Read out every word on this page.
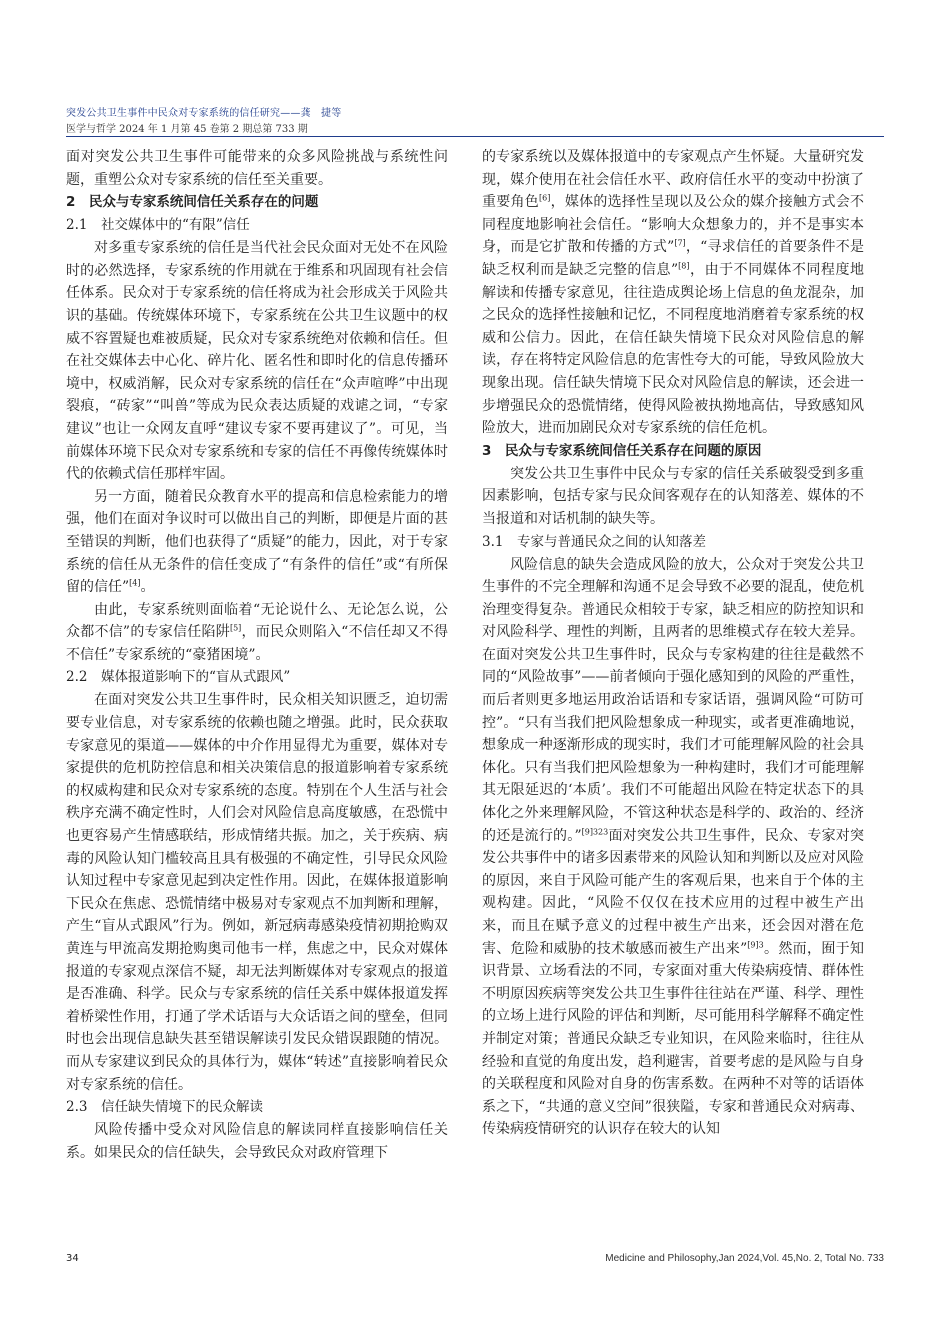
突发公共卫生事件中民众对专家系统的信任研究——龚　捷等
医学与哲学 2024 年 1 月第 45 卷第 2 期总第 733 期

面对突发公共卫生事件可能带来的众多风险挑战与系统性问题，重塑公众对专家系统的信任至关重要。

2　民众与专家系统间信任关系存在的问题
2.1　社交媒体中的“有限”信任

对多重专家系统的信任是当代社会民众面对无处不在风险时的必然选择，专家系统的作用就在于维系和巩固现有社会信任体系。民众对于专家系统的信任将成为社会形成关于风险共识的基础。传统媒体环境下，专家系统在公共卫生议题中的权威不容置疑也难被质疑，民众对专家系统绝对依赖和信任。但在社交媒体去中心化、碎片化、匿名性和即时化的信息传播环境中，权威消解，民众对专家系统的信任在“众声喧哗”中出现裂痕，“砖家”“叫兽”等成为民众表达质疑的戏谑之词，“专家建议”也让一众网友直呼“建议专家不要再建议了”。可见，当前媒体环境下民众对专家系统和专家的信任不再像传统媒体时代的依赖式信任那样牢固。

另一方面，随着民众教育水平的提高和信息检索能力的增强，他们在面对争议时可以做出自己的判断，即便是片面的甚至错误的判断，他们也获得了“质疑”的能力，因此，对于专家系统的信任从无条件的信任变成了“有条件的信任”或“有所保留的信任”[4]。

由此，专家系统则面临着“无论说什么、无论怎么说，公众都不信”的专家信任陷阱[5]，而民众则陷入“不信任却又不得不信任”专家系统的“豪猪困境”。

2.2　媒体报道影响下的“盲从式跟风”

在面对突发公共卫生事件时，民众相关知识匮乏，迫切需要专业信息，对专家系统的依赖也随之增强。此时，民众获取专家意见的渠道——媒体的中介作用显得尤为重要，媒体对专家提供的危机防控信息和相关决策信息的报道影响着专家系统的权威构建和民众对专家系统的态度。特别在个人生活与社会秩序充满不确定性时，人们会对风险信息高度敏感，在恐慌中也更容易产生情感联结，形成情绪共振。加之，关于疾病、病毒的风险认知门槛较高且具有极强的不确定性，引导民众风险认知过程中专家意见起到决定性作用。因此，在媒体报道影响下民众在焦虑、恐慌情绪中极易对专家观点不加判断和理解，产生“盲从式跟风”行为。例如，新冠病毒感染疫情初期抢购双黄连与甲流高发期抢购奥司他韦一样，焦虑之中，民众对媒体报道的专家观点深信不疑，却无法判断媒体对专家观点的报道是否准确、科学。民众与专家系统的信任关系中媒体报道发挥着桥梁性作用，打通了学术话语与大众话语之间的壁垒，但同时也会出现信息缺失甚至错误解读引发民众错误跟随的情况。而从专家建议到民众的具体行为，媒体“转述”直接影响着民众对专家系统的信任。

2.3　信任缺失情境下的民众解读

风险传播中受众对风险信息的解读同样直接影响信任关系。如果民众的信任缺失，会导致民众对政府管理下

的专家系统以及媒体报道中的专家观点产生怀疑。大量研究发现，媒介使用在社会信任水平、政府信任水平的变动中扮演了重要角色[6]，媒体的选择性呈现以及公众的媒介接触方式会不同程度地影响社会信任。“影响大众想象力的，并不是事实本身，而是它扩散和传播的方式”[7]，“寻求信任的首要条件不是缺乏权利而是缺乏完整的信息”[8]，由于不同媒体不同程度地解读和传播专家意见，往往造成舆论场上信息的鱼龙混杂，加之民众的选择性接触和记忆，不同程度地消磨着专家系统的权威和公信力。因此，在信任缺失情境下民众对风险信息的解读，存在将特定风险信息的危害性夸大的可能，导致风险放大现象出现。信任缺失情境下民众对风险信息的解读，还会进一步增强民众的恐慌情绪，使得风险被执拗地高估，导致感知风险放大，进而加剧民众对专家系统的信任危机。

3　民众与专家系统间信任关系存在问题的原因

突发公共卫生事件中民众与专家的信任关系破裂受到多重因素影响，包括专家与民众间客观存在的认知落差、媒体的不当报道和对话机制的缺失等。

3.1　专家与普通民众之间的认知落差

风险信息的缺失会造成风险的放大，公众对于突发公共卫生事件的不完全理解和沟通不足会导致不必要的混乱，使危机治理变得复杂。普通民众相较于专家，缺乏相应的防控知识和对风险科学、理性的判断，且两者的思维模式存在较大差异。在面对突发公共卫生事件时，民众与专家构建的往往是截然不同的“风险故事”——前者倾向于强化感知到的风险的严重性，而后者则更多地运用政治话语和专家话语，强调风险“可防可控”。“只有当我们把风险想象成一种现实，或者更准确地说，想象成一种逐渐形成的现实时，我们才可能理解风险的社会具体化。只有当我们把风险想象为一种构建时，我们才可能理解其无限延迟的‘本质’。我们不可能超出风险在特定状态下的具体化之外来理解风险，不管这种状态是科学的、政治的、经济的还是流行的。”$^{[9]323}$面对突发公共卫生事件，民众、专家对突发公共事件中的诸多因素带来的风险认知和判断以及应对风险的原因，来自于风险可能产生的客观后果，也来自于个体的主观构建。因此，“风险不仅仅在技术应用的过程中被生产出来，而且在赋予意义的过程中被生产出来，还会因对潜在危害、危险和威胁的技术敏感而被生产出来”$^{[9]3}$。然而，囿于知识背景、立场看法的不同，专家面对重大传染病疫情、群体性不明原因疾病等突发公共卫生事件往往站在严谨、科学、理性的立场上进行风险的评估和判断，尽可能用科学解释不确定性并制定对策；普通民众缺乏专业知识，在风险来临时，往往从经验和直觉的角度出发，趋利避害，首要考虑的是风险与自身的关联程度和风险对自身的伤害系数。在两种不对等的话语体系之下，“共通的意义空间”很狭隘，专家和普通民众对病毒、传染病疫情研究的认识存在较大的认知

34	Medicine and Philosophy,Jan 2024,Vol. 45,No. 2, Total No. 733
